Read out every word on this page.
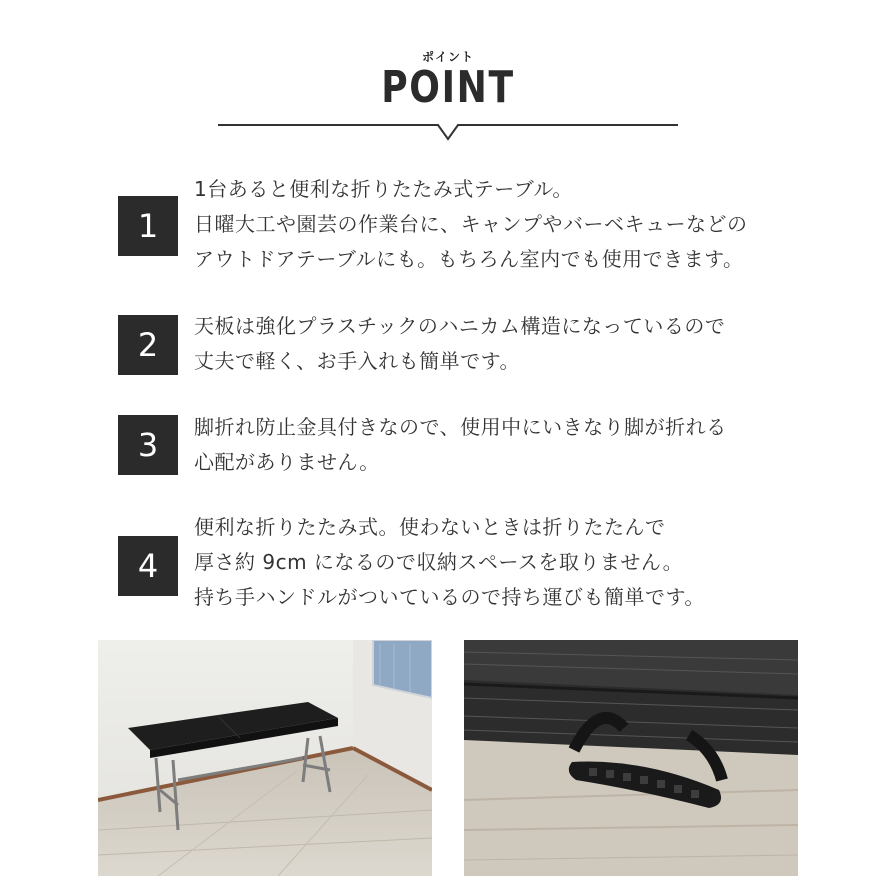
ポイント
POINT
1
1台あると便利な折りたたみ式テーブル。
日曜大工や園芸の作業台に、キャンプやバーベキューなどの
アウトドアテーブルにも。もちろん室内でも使用できます。
2	天板は強化プラスチックのハニカム構造になっているので
丈夫で軽く、お手入れも簡単です。
3	脚折れ防止金具付きなので、使用中にいきなり脚が折れる
心配がありません。
4
便利な折りたたみ式。使わないときは折りたたんで
厚さ約 9cm になるので収納スペースを取りません。
持ち手ハンドルがついているので持ち運びも簡単です。
